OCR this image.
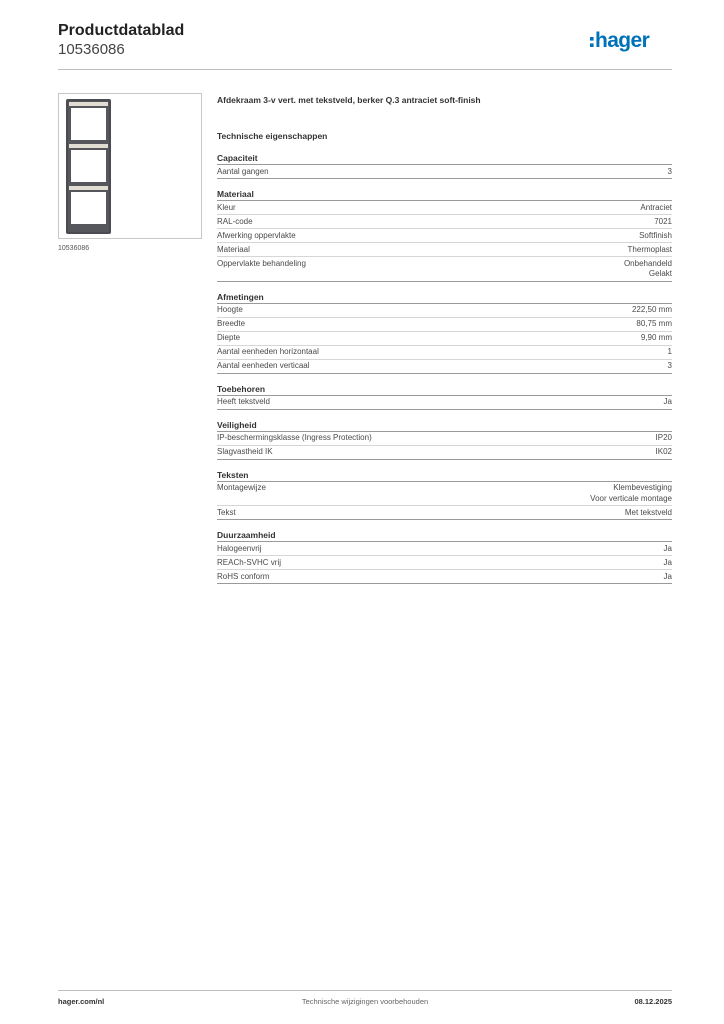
Productdatablad
10536086	hager
10536086
Afdekraam 3-v vert. met tekstveld, berker Q.3 antraciet soft-finish
Technische eigenschappen
Capaciteit
Aantal gangen	3
Materiaal
Kleur	Antraciet
RAL-code	7021
Afwerking oppervlakte	Softfinish
Materiaal	Thermoplast
Oppervlakte behandeling	Onbehandeld
Gelakt
Afmetingen
Hoogte	222,50 mm
Breedte	80,75 mm
Diepte	9,90 mm
Aantal eenheden horizontaal	1
Aantal eenheden verticaal	3
Toebehoren
Heeft tekstveld	Ja
Veiligheid
IP-beschermingsklasse (Ingress Protection)	IP20
Slagvastheid IK	IK02
Teksten
Montagewijze	Klembevestiging
Voor verticale montage
Tekst	Met tekstveld
Duurzaamheid
Halogeenvrij	Ja
REACh-SVHC vrij	Ja
RoHS conform	Ja
hager.com/nl	Technische wijzigingen voorbehouden	08.12.2025
